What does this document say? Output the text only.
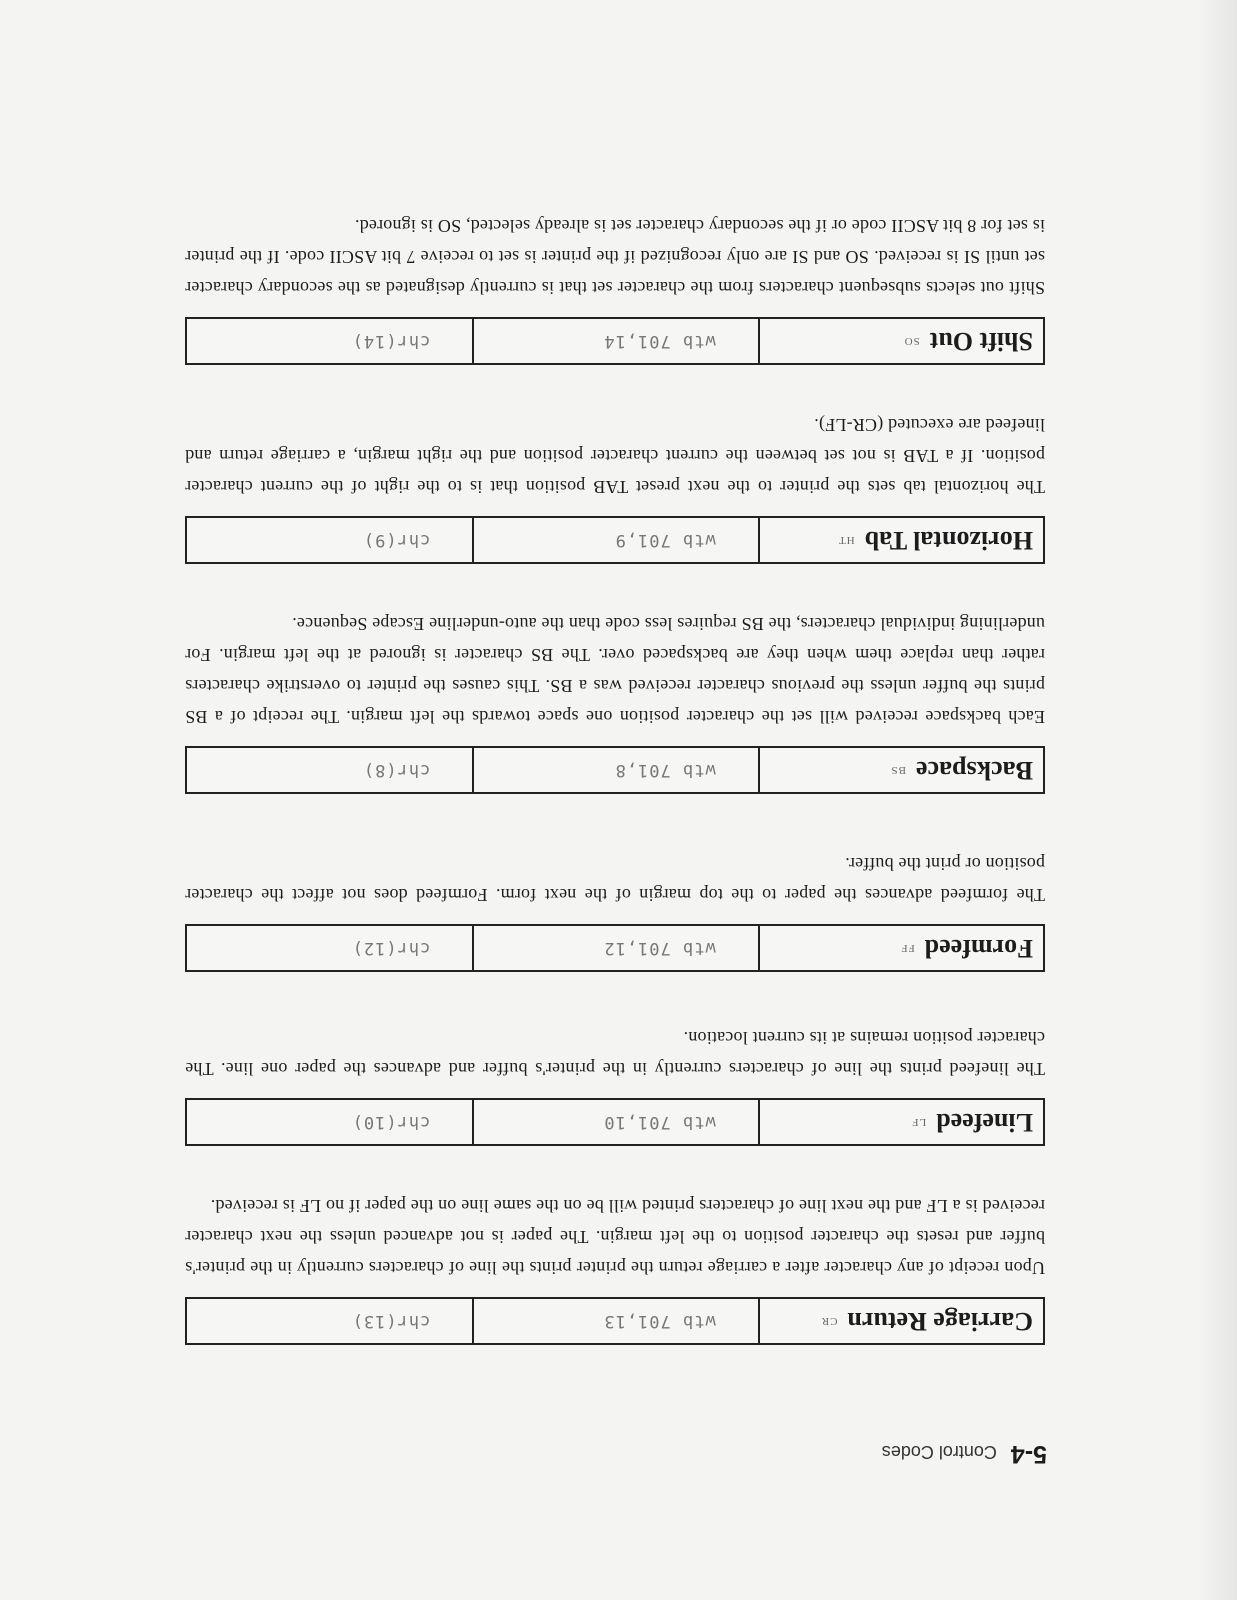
5-4
Control Codes
Carriage Return
CR
wtb 701,13
chr(13)

Upon receipt of any character after a carriage return the printer prints the line of characters currently in the printer's buffer and resets the character position to the left margin. The paper is not advanced unless the next character received is a LF and the next line of characters printed will be on the same line on the paper if no LF is received.

Linefeed
LF
wtb 701,10
chr(10)

The linefeed prints the line of characters currently in the printer's buffer and advances the paper one line. The character position remains at its current location.

Formfeed
FF
wtb 701,12
chr(12)

The formfeed advances the paper to the top margin of the next form. Formfeed does not affect the character position or print the buffer.

Backspace
BS
wtb 701,8
chr(8)

Each backspace received will set the character position one space towards the left margin. The receipt of a BS prints the buffer unless the previous character received was a BS. This causes the printer to overstrike characters rather than replace them when they are backspaced over. The BS character is ignored at the left margin. For underlining individual characters, the BS requires less code than the auto-underline Escape Sequence.

Horizontal Tab
HT
wtb 701,9
chr(9)

The horizontal tab sets the printer to the next preset TAB position that is to the right of the current character position. If a TAB is not set between the current character position and the right margin, a carriage return and linefeed are executed (CR-LF).

Shift Out
SO
wtb 701,14
chr(14)

Shift out selects subsequent characters from the character set that is currently designated as the secondary character set until SI is received. SO and SI are only recognized if the printer is set to receive 7 bit ASCII code. If the printer is set for 8 bit ASCII code or if the secondary character set is already selected, SO is ignored.
